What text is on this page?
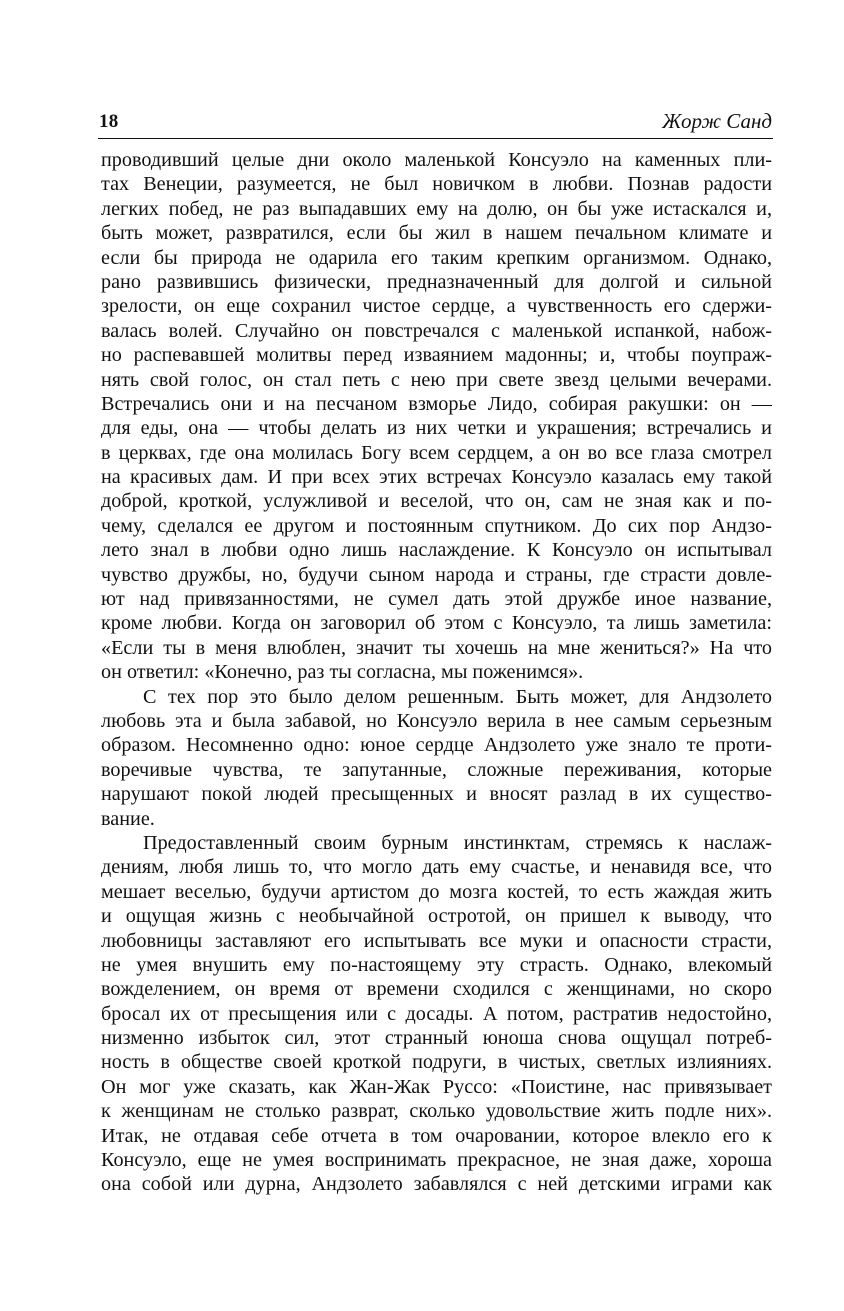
18	Жорж Санд
проводивший целые дни около маленькой Консуэло на каменных пли-
тах Венеции, разумеется, не был новичком в любви. Познав радости
легких побед, не раз выпадавших ему на долю, он бы уже истаскался и,
быть может, развратился, если бы жил в нашем печальном климате и
если бы природа не одарила его таким крепким организмом. Однако,
рано развившись физически, предназначенный для долгой и сильной
зрелости, он еще сохранил чистое сердце, а чувственность его сдержи-
валась волей. Случайно он повстречался с маленькой испанкой, набож-
но распевавшей молитвы перед изваянием мадонны; и, чтобы поупраж-
нять свой голос, он стал петь с нею при свете звезд целыми вечерами.
Встречались они и на песчаном взморье Лидо, собирая ракушки: он —
для еды, она — чтобы делать из них четки и украшения; встречались и
в церквах, где она молилась Богу всем сердцем, а он во все глаза смотрел
на красивых дам. И при всех этих встречах Консуэло казалась ему такой
доброй, кроткой, услужливой и веселой, что он, сам не зная как и по-
чему, сделался ее другом и постоянным спутником. До сих пор Андзо-
лето знал в любви одно лишь наслаждение. К Консуэло он испытывал
чувство дружбы, но, будучи сыном народа и страны, где страсти довле-
ют над привязанностями, не сумел дать этой дружбе иное название,
кроме любви. Когда он заговорил об этом с Консуэло, та лишь заметила:
«Если ты в меня влюблен, значит ты хочешь на мне жениться?» На что
он ответил: «Конечно, раз ты согласна, мы поженимся».
С тех пор это было делом решенным. Быть может, для Андзолето
любовь эта и была забавой, но Консуэло верила в нее самым серьезным
образом. Несомненно одно: юное сердце Андзолето уже знало те проти-
воречивые чувства, те запутанные, сложные переживания, которые
нарушают покой людей пресыщенных и вносят разлад в их существо-
вание.
Предоставленный своим бурным инстинктам, стремясь к наслаж-
дениям, любя лишь то, что могло дать ему счастье, и ненавидя все, что
мешает веселью, будучи артистом до мозга костей, то есть жаждая жить
и ощущая жизнь с необычайной остротой, он пришел к выводу, что
любовницы заставляют его испытывать все муки и опасности страсти,
не умея внушить ему по-настоящему эту страсть. Однако, влекомый
вожделением, он время от времени сходился с женщинами, но скоро
бросал их от пресыщения или с досады. А потом, растратив недостойно,
низменно избыток сил, этот странный юноша снова ощущал потреб-
ность в обществе своей кроткой подруги, в чистых, светлых излияниях.
Он мог уже сказать, как Жан-Жак Руссо: «Поистине, нас привязывает
к женщинам не столько разврат, сколько удовольствие жить подле них».
Итак, не отдавая себе отчета в том очаровании, которое влекло его к
Консуэло, еще не умея воспринимать прекрасное, не зная даже, хороша
она собой или дурна, Андзолето забавлялся с ней детскими играми как
